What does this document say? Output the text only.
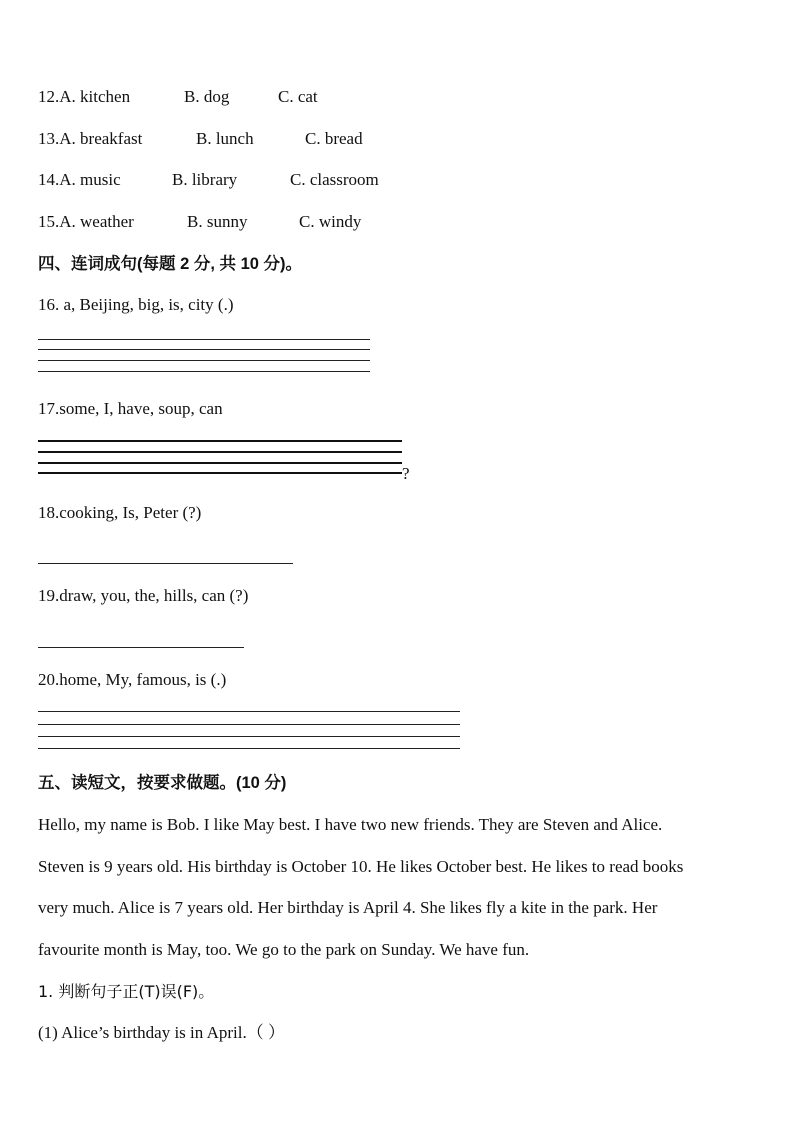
12.A. kitchen	B. dog	C. cat
13.A. breakfast	B. lunch	C. bread
14.A. music	B. library	C. classroom
15.A. weather	B. sunny	C. windy
四、连词成句(每题 2 分, 共 10 分)。
16. a, Beijing, big, is, city (.)
17.some, I, have, soup, can
?
18.cooking, Is, Peter (?)
19.draw, you, the, hills, can (?)
20.home, My, famous, is (.)
五、读短文，按要求做题。(10 分)
Hello, my name is Bob. I like May best. I have two new friends. They are Steven and Alice.
Steven is 9 years old. His birthday is October 10. He likes October best. He likes to read books
very much. Alice is 7 years old. Her birthday is April 4. She likes fly a kite in the park. Her
favourite month is May, too. We go to the park on Sunday. We have fun.
1. 判断句子正(T)误(F)。
(1) Alice’s birthday is in April.（ ）
